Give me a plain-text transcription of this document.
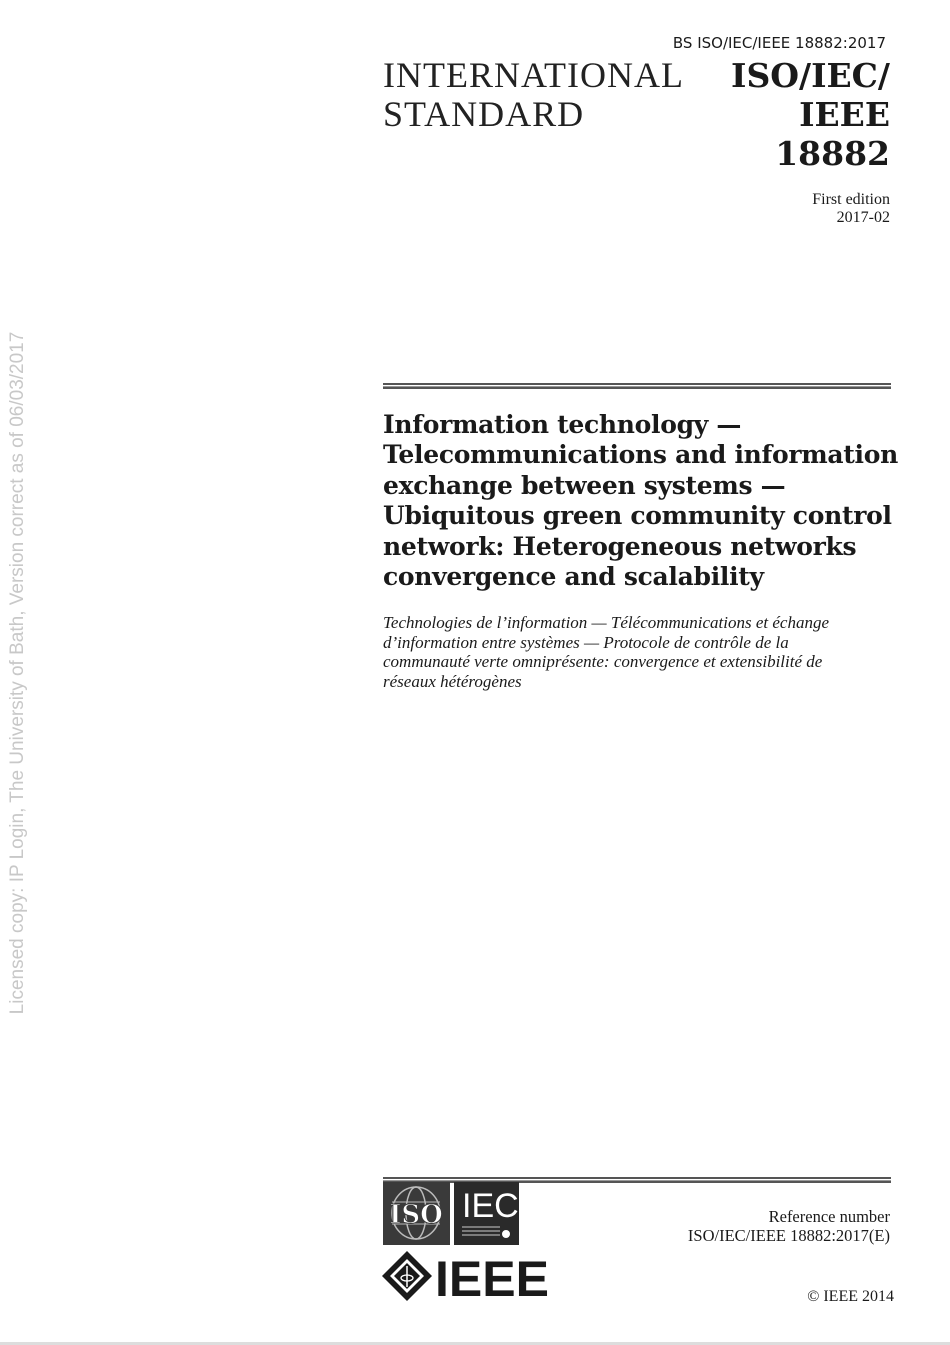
BS ISO/IEC/IEEE 18882:2017
INTERNATIONAL
STANDARD
ISO/IEC/
IEEE
18882
First edition
2017-02
Information technology —
Telecommunications and information
exchange between systems —
Ubiquitous green community control
network: Heterogeneous networks
convergence and scalability
Technologies de l’information — Télécommunications et échange
d’information entre systèmes — Protocole de contrôle de la
communauté verte omniprésente: convergence et extensibilité de
réseaux hétérogènes
Licensed copy: IP Login, The University of Bath, Version correct as of 06/03/2017
ISO IEC
IEEE
Reference number
ISO/IEC/IEEE 18882:2017(E)
© IEEE 2014
